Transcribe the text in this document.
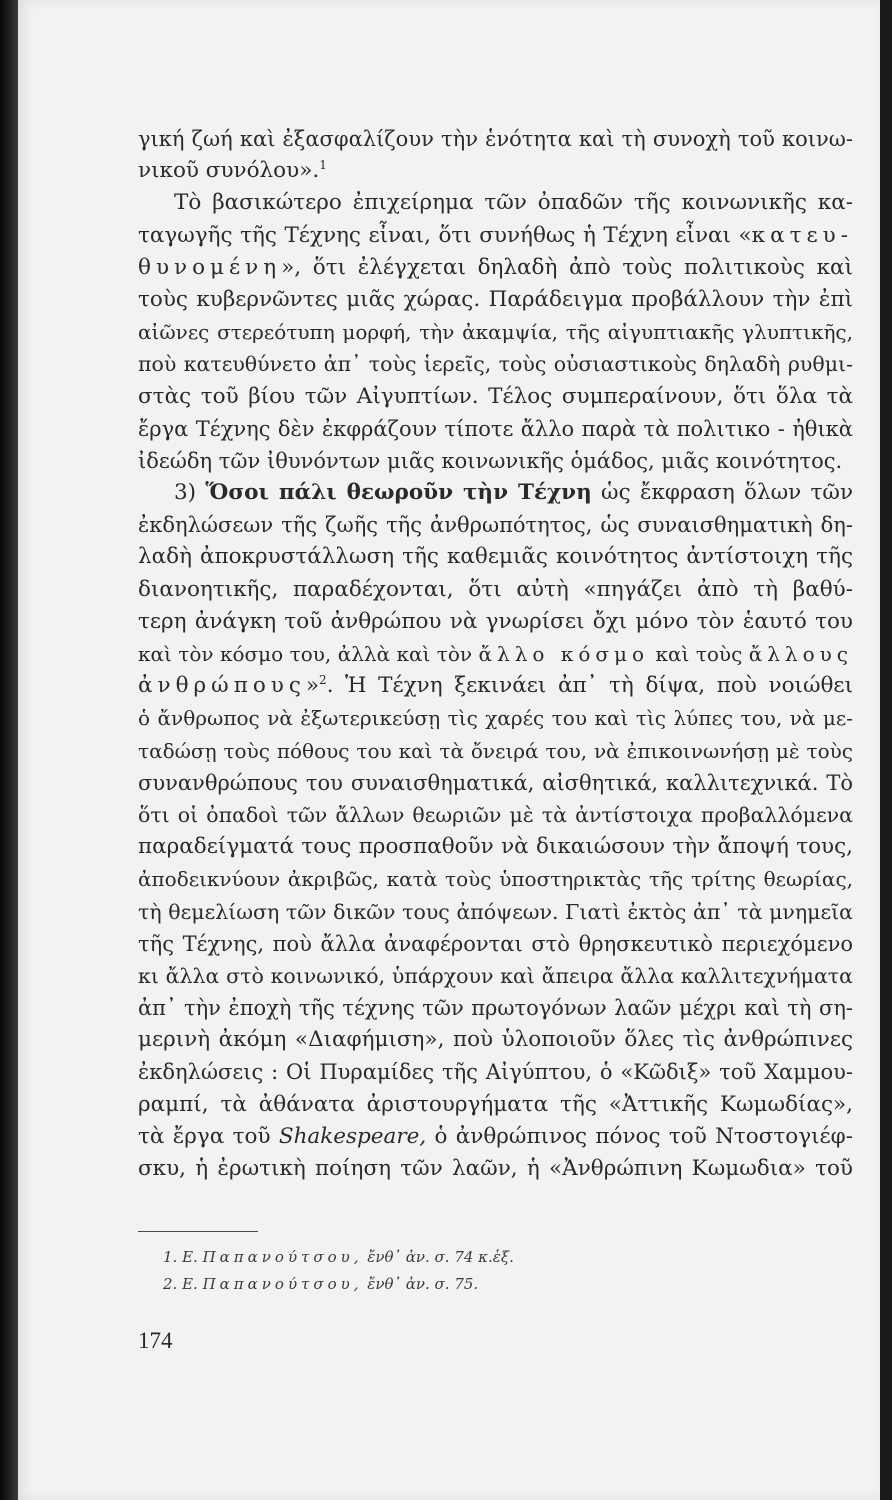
γική ζωή καὶ ἐξασφαλίζουν τὴν ἑνότητα καὶ τὴ συνοχὴ τοῦ κοινω-
νικοῦ συνόλου».$^1$
Τὸ βασικώτερο ἐπιχείρημα τῶν ὀπαδῶν τῆς κοινωνικῆς κα-
ταγωγῆς τῆς Τέχνης εἶναι, ὅτι συνήθως ἡ Τέχνη εἶναι «κατευ-
θυνομένη», ὅτι ἐλέγχεται δηλαδὴ ἀπὸ τοὺς πολιτικοὺς καὶ
τοὺς κυβερνῶντες μιᾶς χώρας. Παράδειγμα προβάλλουν τὴν ἐπὶ
αἰῶνες στερεότυπη μορφή, τὴν ἀκαμψία, τῆς αἰγυπτιακῆς γλυπτικῆς,
ποὺ κατευθύνετο ἀπ᾿ τοὺς ἱερεῖς, τοὺς οὐσιαστικοὺς δηλαδὴ ρυθμι-
στὰς τοῦ βίου τῶν Αἰγυπτίων. Τέλος συμπεραίνουν, ὅτι ὅλα τὰ
ἔργα Τέχνης δὲν ἐκφράζουν τίποτε ἄλλο παρὰ τὰ πολιτικο - ἠθικὰ
ἰδεώδη τῶν ἰθυνόντων μιᾶς κοινωνικῆς ὁμάδος, μιᾶς κοινότητος.
3) Ὅσοι πάλι θεωροῦν τὴν Τέχνη ὡς ἔκφραση ὅλων τῶν
ἐκδηλώσεων τῆς ζωῆς τῆς ἀνθρωπότητος, ὡς συναισθηματικὴ δη-
λαδὴ ἀποκρυστάλλωση τῆς καθεμιᾶς κοινότητος ἀντίστοιχη τῆς
διανοητικῆς, παραδέχονται, ὅτι αὐτὴ «πηγάζει ἀπὸ τὴ βαθύ-
τερη ἀνάγκη τοῦ ἀνθρώπου νὰ γνωρίσει ὄχι μόνο τὸν ἑαυτό του
καὶ τὸν κόσμο του, ἀλλὰ καὶ τὸν ἄλλο κόσμο καὶ τοὺς ἄλλους
ἀνθρώπους»$^2$. Ἡ Τέχνη ξεκινάει ἀπ᾿ τὴ δίψα, ποὺ νοιώθει
ὁ ἄνθρωπος νὰ ἐξωτερικεύσῃ τὶς χαρές του καὶ τὶς λύπες του, νὰ με-
ταδώσῃ τοὺς πόθους του καὶ τὰ ὄνειρά του, νὰ ἐπικοινωνήσῃ μὲ τοὺς
συνανθρώπους του συναισθηματικά, αἰσθητικά, καλλιτεχνικά. Τὸ
ὅτι οἱ ὀπαδοὶ τῶν ἄλλων θεωριῶν μὲ τὰ ἀντίστοιχα προβαλλόμενα
παραδείγματά τους προσπαθοῦν νὰ δικαιώσουν τὴν ἄποψή τους,
ἀποδεικνύουν ἀκριβῶς, κατὰ τοὺς ὑποστηρικτὰς τῆς τρίτης θεωρίας,
τὴ θεμελίωση τῶν δικῶν τους ἀπόψεων. Γιατὶ ἐκτὸς ἀπ᾿ τὰ μνημεῖα
τῆς Τέχνης, ποὺ ἄλλα ἀναφέρονται στὸ θρησκευτικὸ περιεχόμενο
κι ἄλλα στὸ κοινωνικό, ὑπάρχουν καὶ ἄπειρα ἄλλα καλλιτεχνήματα
ἀπ᾿ τὴν ἐποχὴ τῆς τέχνης τῶν πρωτογόνων λαῶν μέχρι καὶ τὴ ση-
μερινὴ ἀκόμη «Διαφήμιση», ποὺ ὑλοποιοῦν ὅλες τὶς ἀνθρώπινες
ἐκδηλώσεις : Οἱ Πυραμίδες τῆς Αἰγύπτου, ὁ «Κῶδιξ» τοῦ Χαμμου-
ραμπί, τὰ ἀθάνατα ἀριστουργήματα τῆς «Ἀττικῆς Κωμωδίας»,
τὰ ἔργα τοῦ Shakespeare, ὁ ἀνθρώπινος πόνος τοῦ Ντοστογιέφ-
σκυ, ἡ ἐρωτικὴ ποίηση τῶν λαῶν, ἡ «Ἀνθρώπινη Κωμωδια» τοῦ
1. Ε. Παπανούτσου, ἔνθ᾿ ἀν. σ. 74 κ.ἑξ.
2. Ε. Παπανούτσου, ἔνθ᾿ ἀν. σ. 75.
174
